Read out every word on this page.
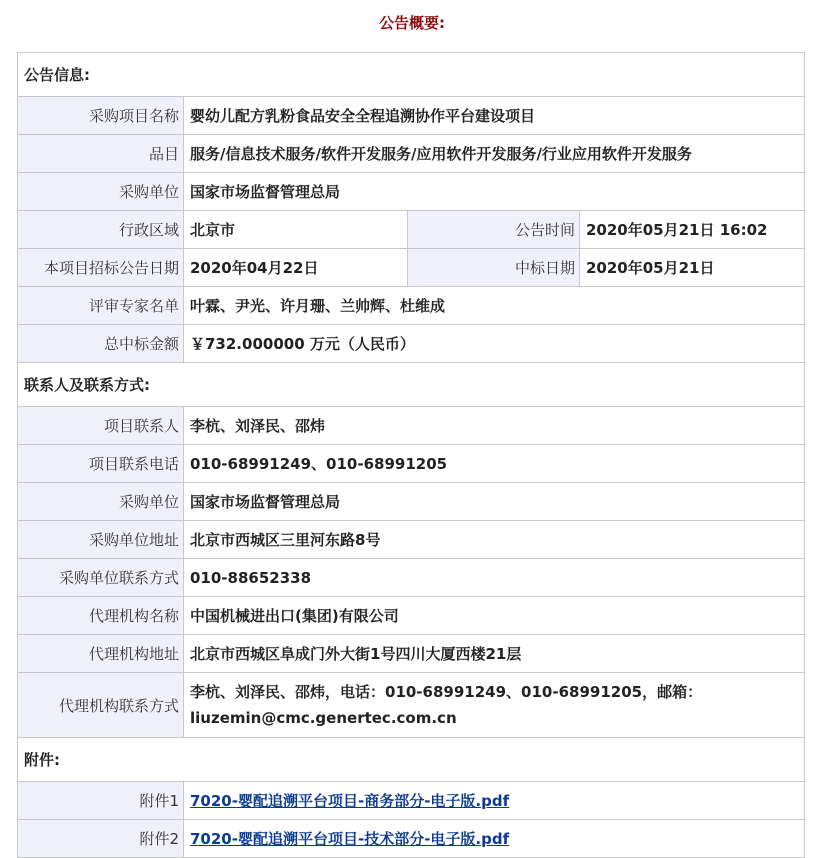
公告概要:
公告信息:			
采购项目名称	婴幼儿配方乳粉食品安全全程追溯协作平台建设项目		
品目	服务/信息技术服务/软件开发服务/应用软件开发服务/行业应用软件开发服务		
采购单位	国家市场监督管理总局		
行政区域	北京市	公告时间	2020年05月21日 16:02
本项目招标公告日期	2020年04月22日	中标日期	2020年05月21日
评审专家名单	叶霖、尹光、许月珊、兰帅辉、杜维成		
总中标金额	￥732.000000 万元（人民币）		
联系人及联系方式:			
项目联系人	李杭、刘泽民、邵炜		
项目联系电话	010-68991249、010-68991205		
采购单位	国家市场监督管理总局		
采购单位地址	北京市西城区三里河东路8号		
采购单位联系方式	010-88652338		
代理机构名称	中国机械进出口(集团)有限公司		
代理机构地址	北京市西城区阜成门外大街1号四川大厦西楼21层		
代理机构联系方式	李杭、刘泽民、邵炜，电话：010-68991249、010-68991205，邮箱：
liuzemin@cmc.genertec.com.cn		

附件:			
附件1	7020-婴配追溯平台项目-商务部分-电子版.pdf		
附件2	7020-婴配追溯平台项目-技术部分-电子版.pdf		
